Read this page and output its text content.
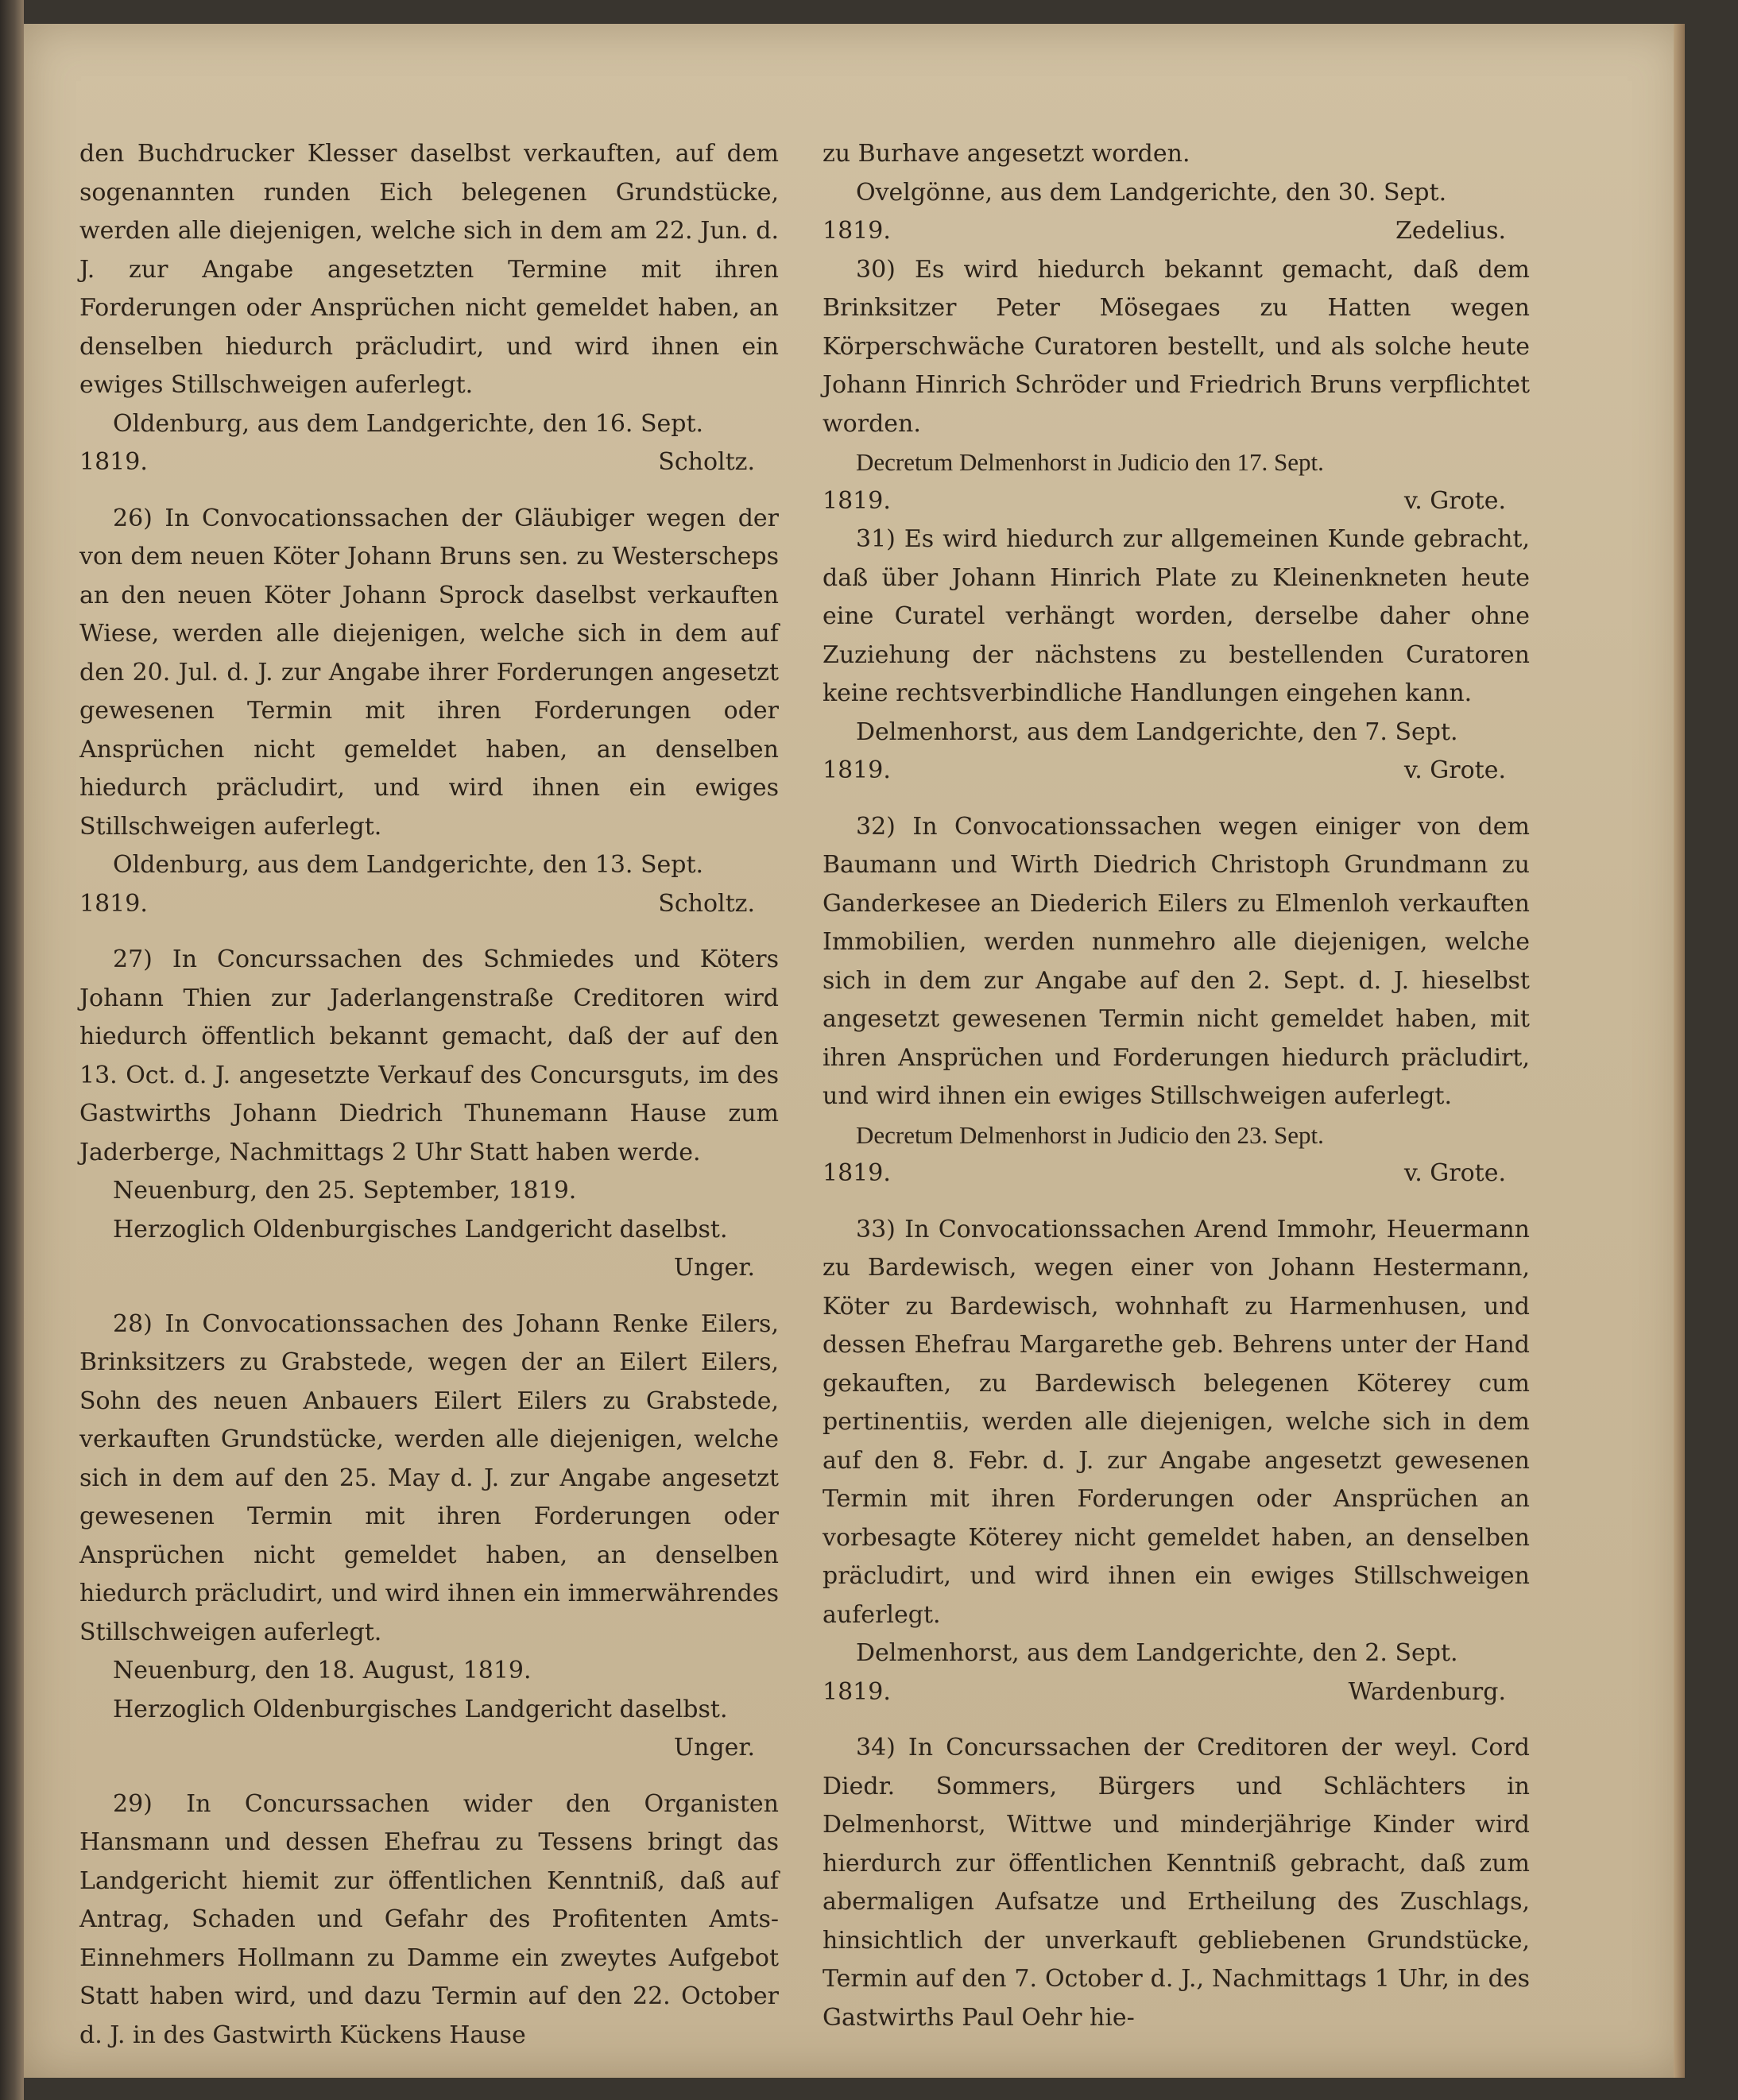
den Buchdrucker Klesser daselbst verkauften, auf dem sogenannten runden Eich belegenen Grundstücke, werden alle diejenigen, welche sich in dem am 22. Jun. d. J. zur Angabe angesetzten Termine mit ihren Forderungen oder Ansprüchen nicht gemeldet haben, an denselben hiedurch präcludirt, und wird ihnen ein ewiges Stillschweigen auferlegt.

Oldenburg, aus dem Landgerichte, den 16. Sept.

1819.	Scholtz.

26) In Convocationssachen der Gläubiger wegen der von dem neuen Köter Johann Bruns sen. zu Westerscheps an den neuen Köter Johann Sprock daselbst verkauften Wiese, werden alle diejenigen, welche sich in dem auf den 20. Jul. d. J. zur Angabe ihrer Forderungen angesetzt gewesenen Termin mit ihren Forderungen oder Ansprüchen nicht gemeldet haben, an denselben hiedurch präcludirt, und wird ihnen ein ewiges Stillschweigen auferlegt.

Oldenburg, aus dem Landgerichte, den 13. Sept.

1819.	Scholtz.

27) In Concurssachen des Schmiedes und Köters Johann Thien zur Jaderlangenstraße Creditoren wird hiedurch öffentlich bekannt gemacht, daß der auf den 13. Oct. d. J. angesetzte Verkauf des Concursguts, im des Gastwirths Johann Diedrich Thunemann Hause zum Jaderberge, Nachmittags 2 Uhr Statt haben werde.

Neuenburg, den 25. September, 1819.

Herzoglich Oldenburgisches Landgericht daselbst.

Unger.

28) In Convocationssachen des Johann Renke Eilers, Brinksitzers zu Grabstede, wegen der an Eilert Eilers, Sohn des neuen Anbauers Eilert Eilers zu Grabstede, verkauften Grundstücke, werden alle diejenigen, welche sich in dem auf den 25. May d. J. zur Angabe angesetzt gewesenen Termin mit ihren Forderungen oder Ansprüchen nicht gemeldet haben, an denselben hiedurch präcludirt, und wird ihnen ein immerwährendes Stillschweigen auferlegt.

Neuenburg, den 18. August, 1819.

Herzoglich Oldenburgisches Landgericht daselbst.

Unger.

29) In Concurssachen wider den Organisten Hansmann und dessen Ehefrau zu Tessens bringt das Landgericht hiemit zur öffentlichen Kenntniß, daß auf Antrag, Schaden und Gefahr des Profitenten Amts-Einnehmers Hollmann zu Damme ein zweytes Aufgebot Statt haben wird, und dazu Termin auf den 22. October d. J. in des Gastwirth Kückens Hause

zu Burhave angesetzt worden.

Ovelgönne, aus dem Landgerichte, den 30. Sept.

1819.	Zedelius.

30) Es wird hiedurch bekannt gemacht, daß dem Brinksitzer Peter Mösegaes zu Hatten wegen Körperschwäche Curatoren bestellt, und als solche heute Johann Hinrich Schröder und Friedrich Bruns verpflichtet worden.

Decretum Delmenhorst in Judicio den 17. Sept.

1819.	v. Grote.

31) Es wird hiedurch zur allgemeinen Kunde gebracht, daß über Johann Hinrich Plate zu Kleinenkneten heute eine Curatel verhängt worden, derselbe daher ohne Zuziehung der nächstens zu bestellenden Curatoren keine rechtsverbindliche Handlungen eingehen kann.

Delmenhorst, aus dem Landgerichte, den 7. Sept.

1819.	v. Grote.

32) In Convocationssachen wegen einiger von dem Baumann und Wirth Diedrich Christoph Grundmann zu Ganderkesee an Diederich Eilers zu Elmenloh verkauften Immobilien, werden nunmehro alle diejenigen, welche sich in dem zur Angabe auf den 2. Sept. d. J. hieselbst angesetzt gewesenen Termin nicht gemeldet haben, mit ihren Ansprüchen und Forderungen hiedurch präcludirt, und wird ihnen ein ewiges Stillschweigen auferlegt.

Decretum Delmenhorst in Judicio den 23. Sept.

1819.	v. Grote.

33) In Convocationssachen Arend Immohr, Heuermann zu Bardewisch, wegen einer von Johann Hestermann, Köter zu Bardewisch, wohnhaft zu Harmenhusen, und dessen Ehefrau Margarethe geb. Behrens unter der Hand gekauften, zu Bardewisch belegenen Köterey cum pertinentiis, werden alle diejenigen, welche sich in dem auf den 8. Febr. d. J. zur Angabe angesetzt gewesenen Termin mit ihren Forderungen oder Ansprüchen an vorbesagte Köterey nicht gemeldet haben, an denselben präcludirt, und wird ihnen ein ewiges Stillschweigen auferlegt.

Delmenhorst, aus dem Landgerichte, den 2. Sept.

1819.	Wardenburg.

34) In Concurssachen der Creditoren der weyl. Cord Diedr. Sommers, Bürgers und Schlächters in Delmenhorst, Wittwe und minderjährige Kinder wird hierdurch zur öffentlichen Kenntniß gebracht, daß zum abermaligen Aufsatze und Ertheilung des Zuschlags, hinsichtlich der unverkauft gebliebenen Grundstücke, Termin auf den 7. October d. J., Nachmittags 1 Uhr, in des Gastwirths Paul Oehr hie-
